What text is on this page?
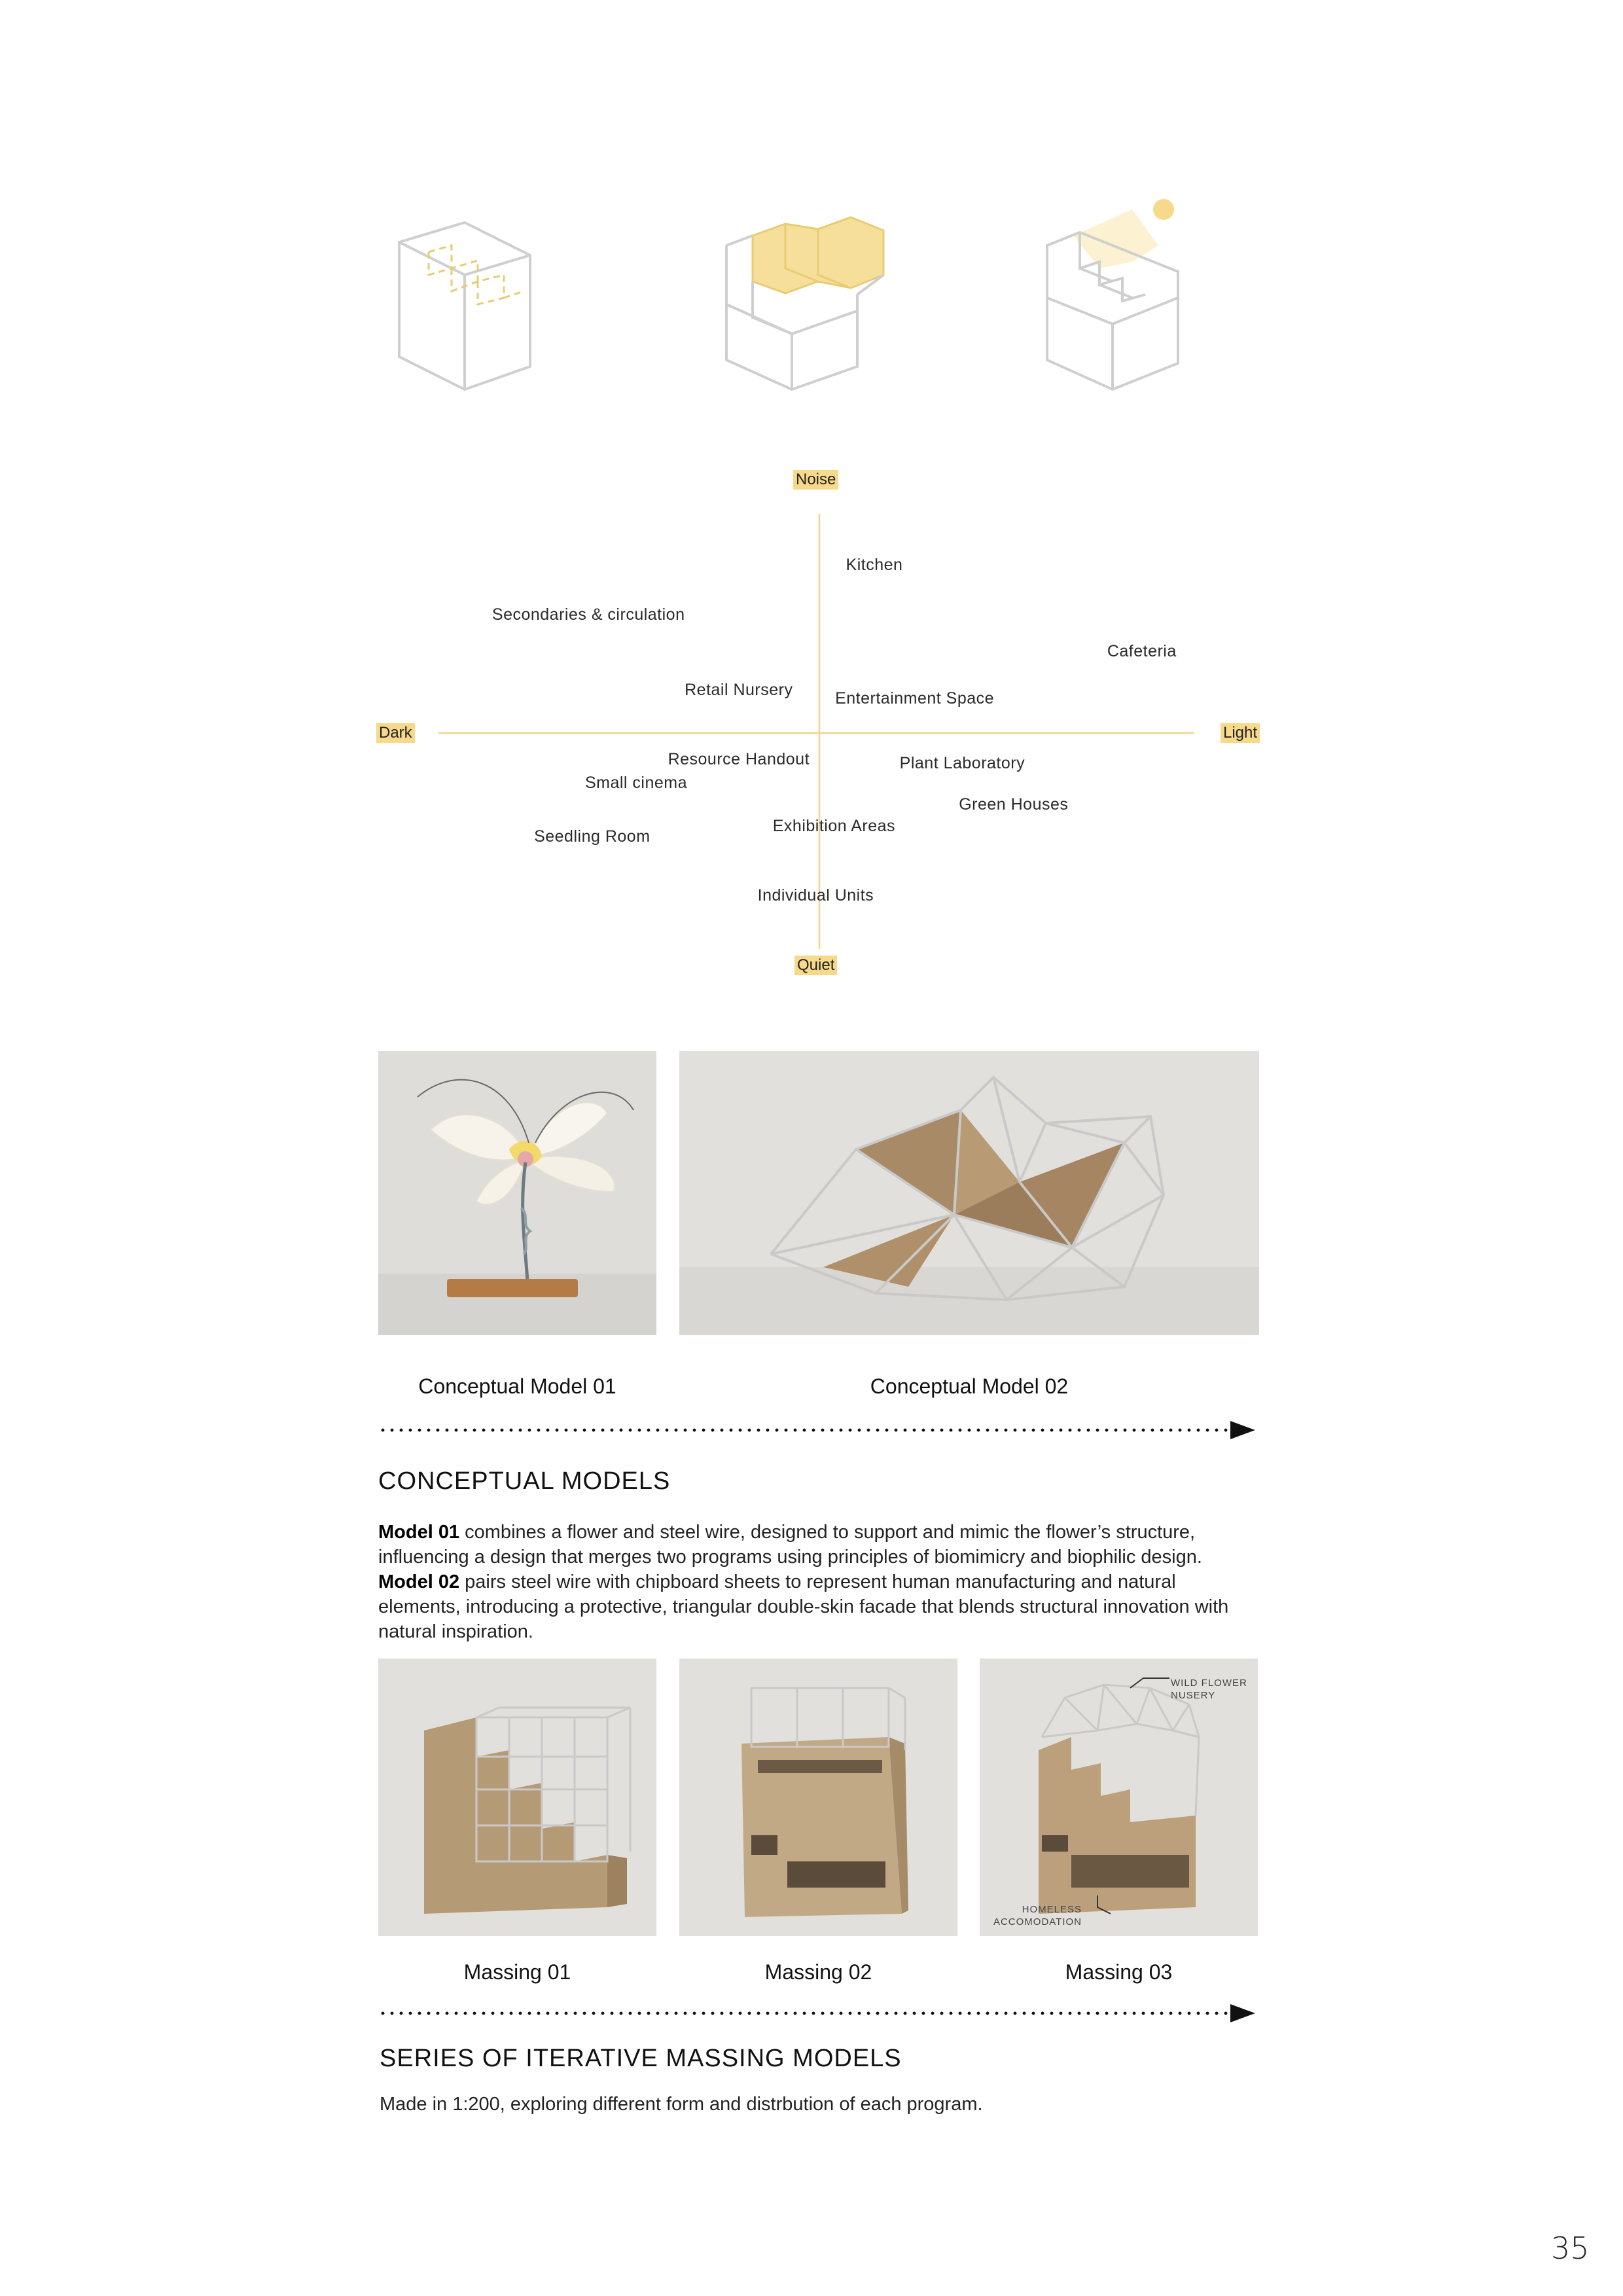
Noise
Quiet
Dark	Light
Kitchen
Secondaries & circulation
Cafeteria
Retail Nursery	Entertainment Space
Resource Handout	Plant Laboratory
Small cinema
Green Houses
Exhibition Areas
Seedling Room
Individual Units
Conceptual Model 01	Conceptual Model 02
CONCEPTUAL MODELS
Model 01 combines a flower and steel wire, designed to support and mimic the flower’s structure, influencing a design that merges two programs using principles of biomimicry and biophilic design. Model 02 pairs steel wire with chipboard sheets to represent human manufacturing and natural elements, introducing a protective, triangular double-skin facade that blends structural innovation with natural inspiration.
WILD FLOWER
NUSERY
HOMELESS
ACCOMODATION
Massing 01	Massing 02	Massing 03
SERIES OF ITERATIVE MASSING MODELS
Made in 1:200, exploring different form and distrbution of each program.
35
